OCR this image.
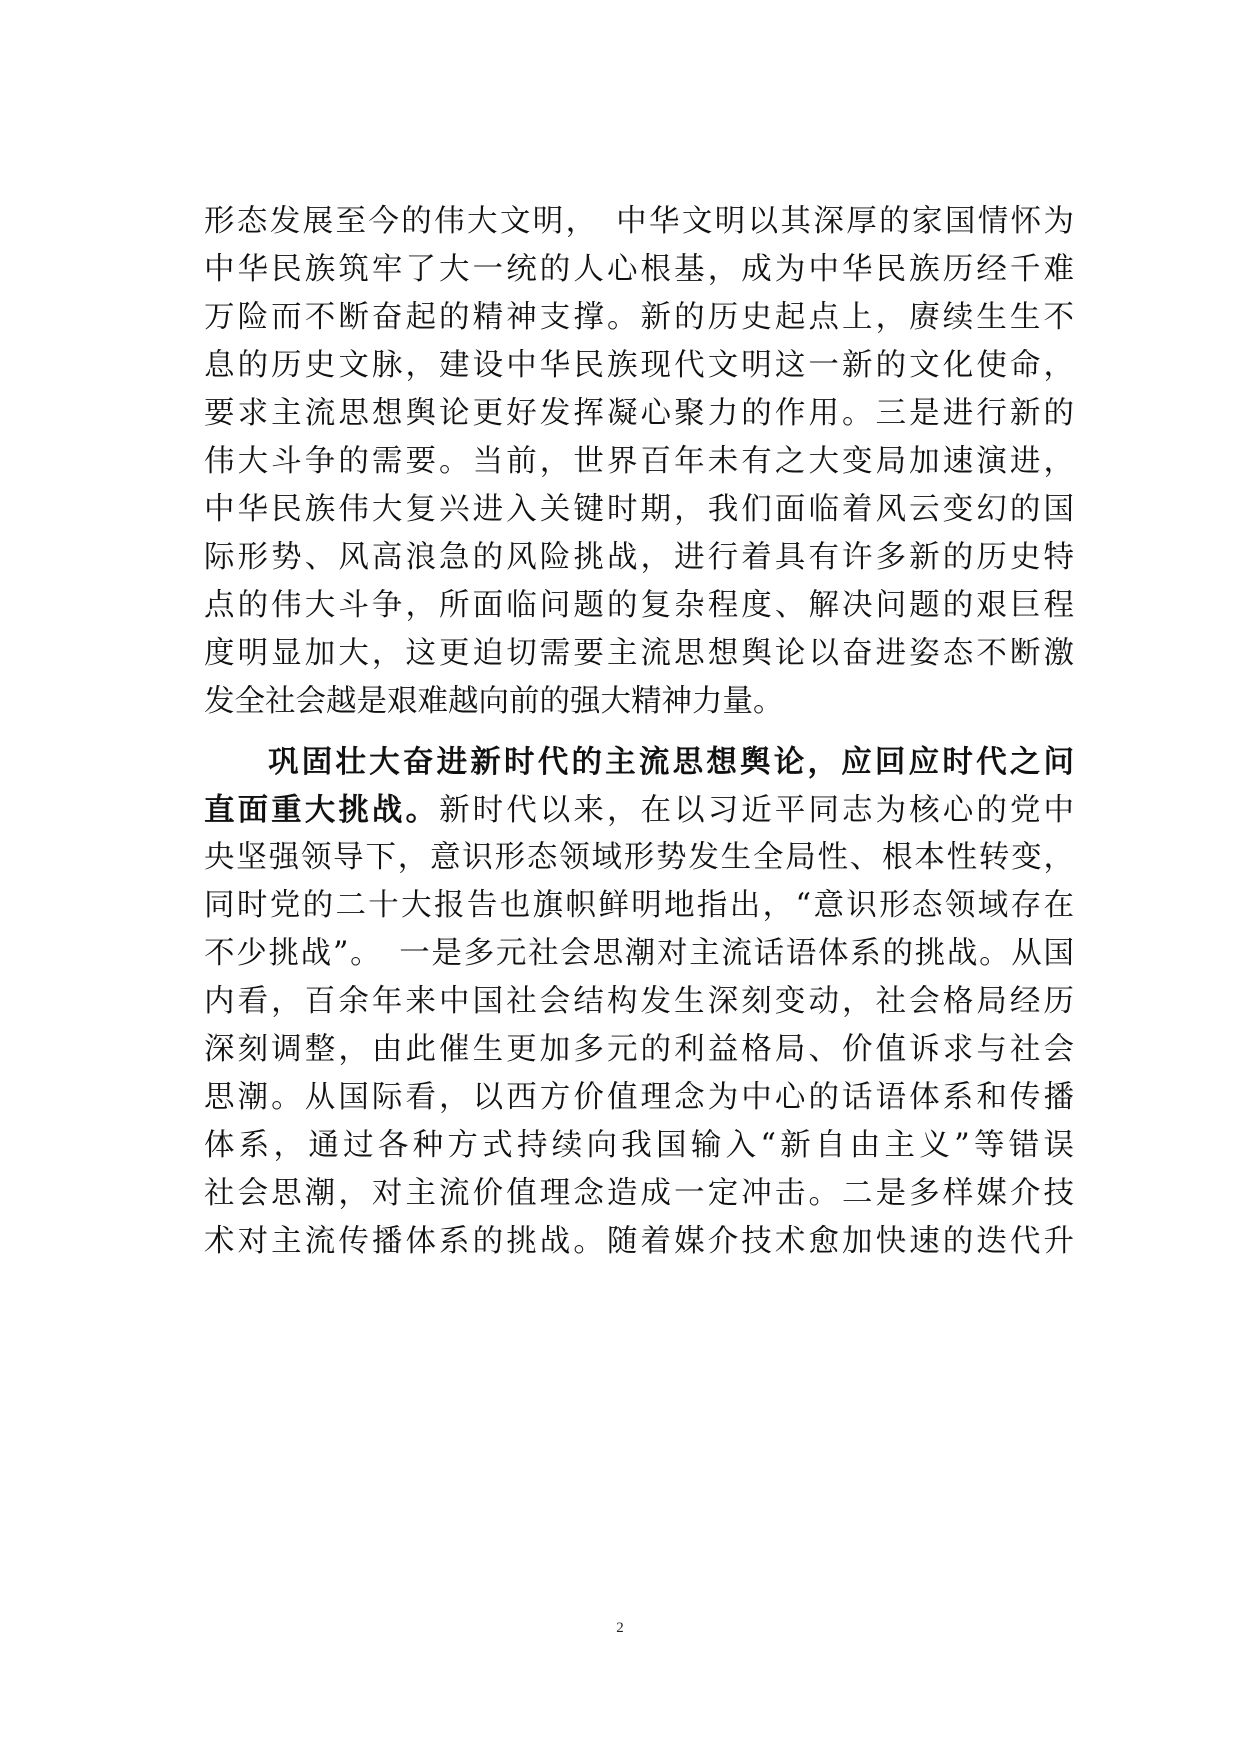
形态发展至今的伟大文明，　中华文明以其深厚的家国情怀为
中华民族筑牢了大一统的人心根基，成为中华民族历经千难
万险而不断奋起的精神支撑。新的历史起点上，赓续生生不
息的历史文脉，建设中华民族现代文明这一新的文化使命，
要求主流思想舆论更好发挥凝心聚力的作用。三是进行新的
伟大斗争的需要。当前，世界百年未有之大变局加速演进，
中华民族伟大复兴进入关键时期，我们面临着风云变幻的国
际形势、风高浪急的风险挑战，进行着具有许多新的历史特
点的伟大斗争，所面临问题的复杂程度、解决问题的艰巨程
度明显加大，这更迫切需要主流思想舆论以奋进姿态不断激
发全社会越是艰难越向前的强大精神力量。
巩固壮大奋进新时代的主流思想舆论，应回应时代之问
直面重大挑战。新时代以来，在以习近平同志为核心的党中
央坚强领导下，意识形态领域形势发生全局性、根本性转变，
同时党的二十大报告也旗帜鲜明地指出，“意识形态领域存在
不少挑战”。　一是多元社会思潮对主流话语体系的挑战。从国
内看，百余年来中国社会结构发生深刻变动，社会格局经历
深刻调整，由此催生更加多元的利益格局、价值诉求与社会
思潮。从国际看，以西方价值理念为中心的话语体系和传播
体系，通过各种方式持续向我国输入“新自由主义”等错误
社会思潮，对主流价值理念造成一定冲击。二是多样媒介技
术对主流传播体系的挑战。随着媒介技术愈加快速的迭代升
2
